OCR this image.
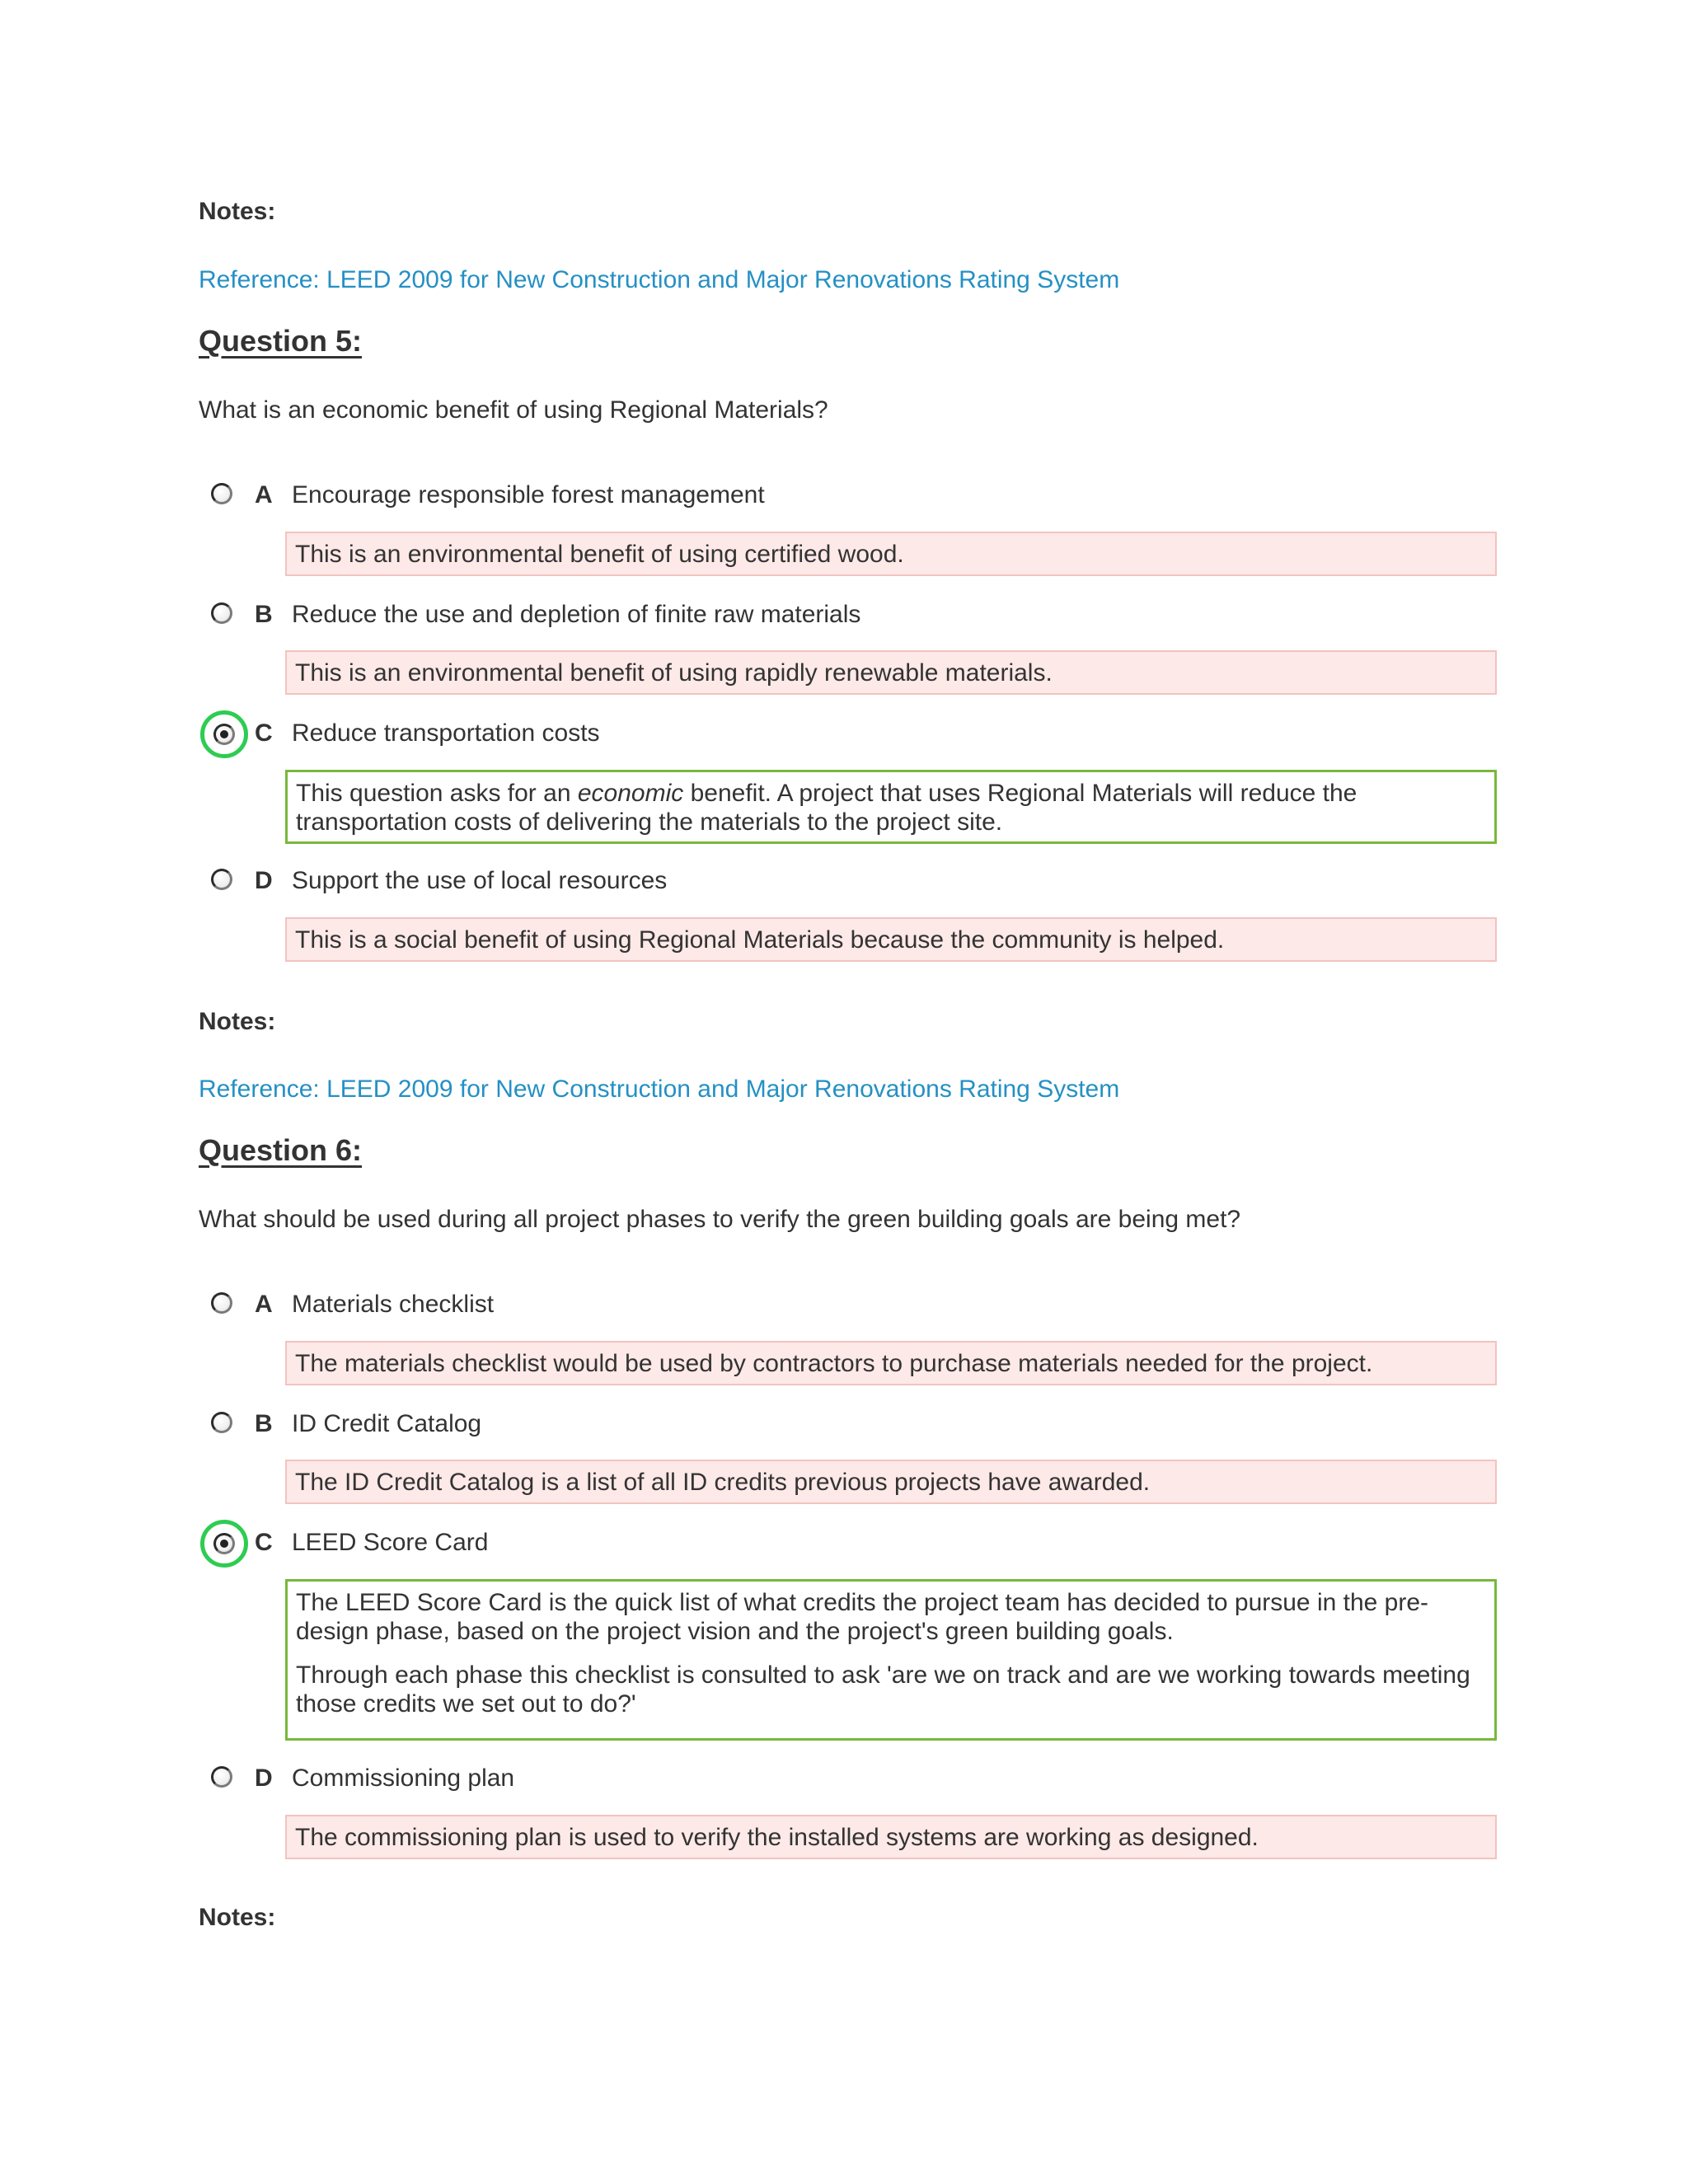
Notes:
Reference: LEED 2009 for New Construction and Major Renovations Rating System
Question 5:
What is an economic benefit of using Regional Materials?
A Encourage responsible forest management

This is an environmental benefit of using certified wood.

B Reduce the use and depletion of finite raw materials

This is an environmental benefit of using rapidly renewable materials.

C Reduce transportation costs

This question asks for an economic benefit. A project that uses Regional Materials will reduce the transportation costs of delivering the materials to the project site.

D Support the use of local resources

This is a social benefit of using Regional Materials because the community is helped.

Notes:
Reference: LEED 2009 for New Construction and Major Renovations Rating System
Question 6:
What should be used during all project phases to verify the green building goals are being met?
A Materials checklist

The materials checklist would be used by contractors to purchase materials needed for the project.

B ID Credit Catalog

The ID Credit Catalog is a list of all ID credits previous projects have awarded.

C LEED Score Card

The LEED Score Card is the quick list of what credits the project team has decided to pursue in the pre-design phase, based on the project vision and the project's green building goals.

Through each phase this checklist is consulted to ask 'are we on track and are we working towards meeting those credits we set out to do?'

D Commissioning plan

The commissioning plan is used to verify the installed systems are working as designed.

Notes:
